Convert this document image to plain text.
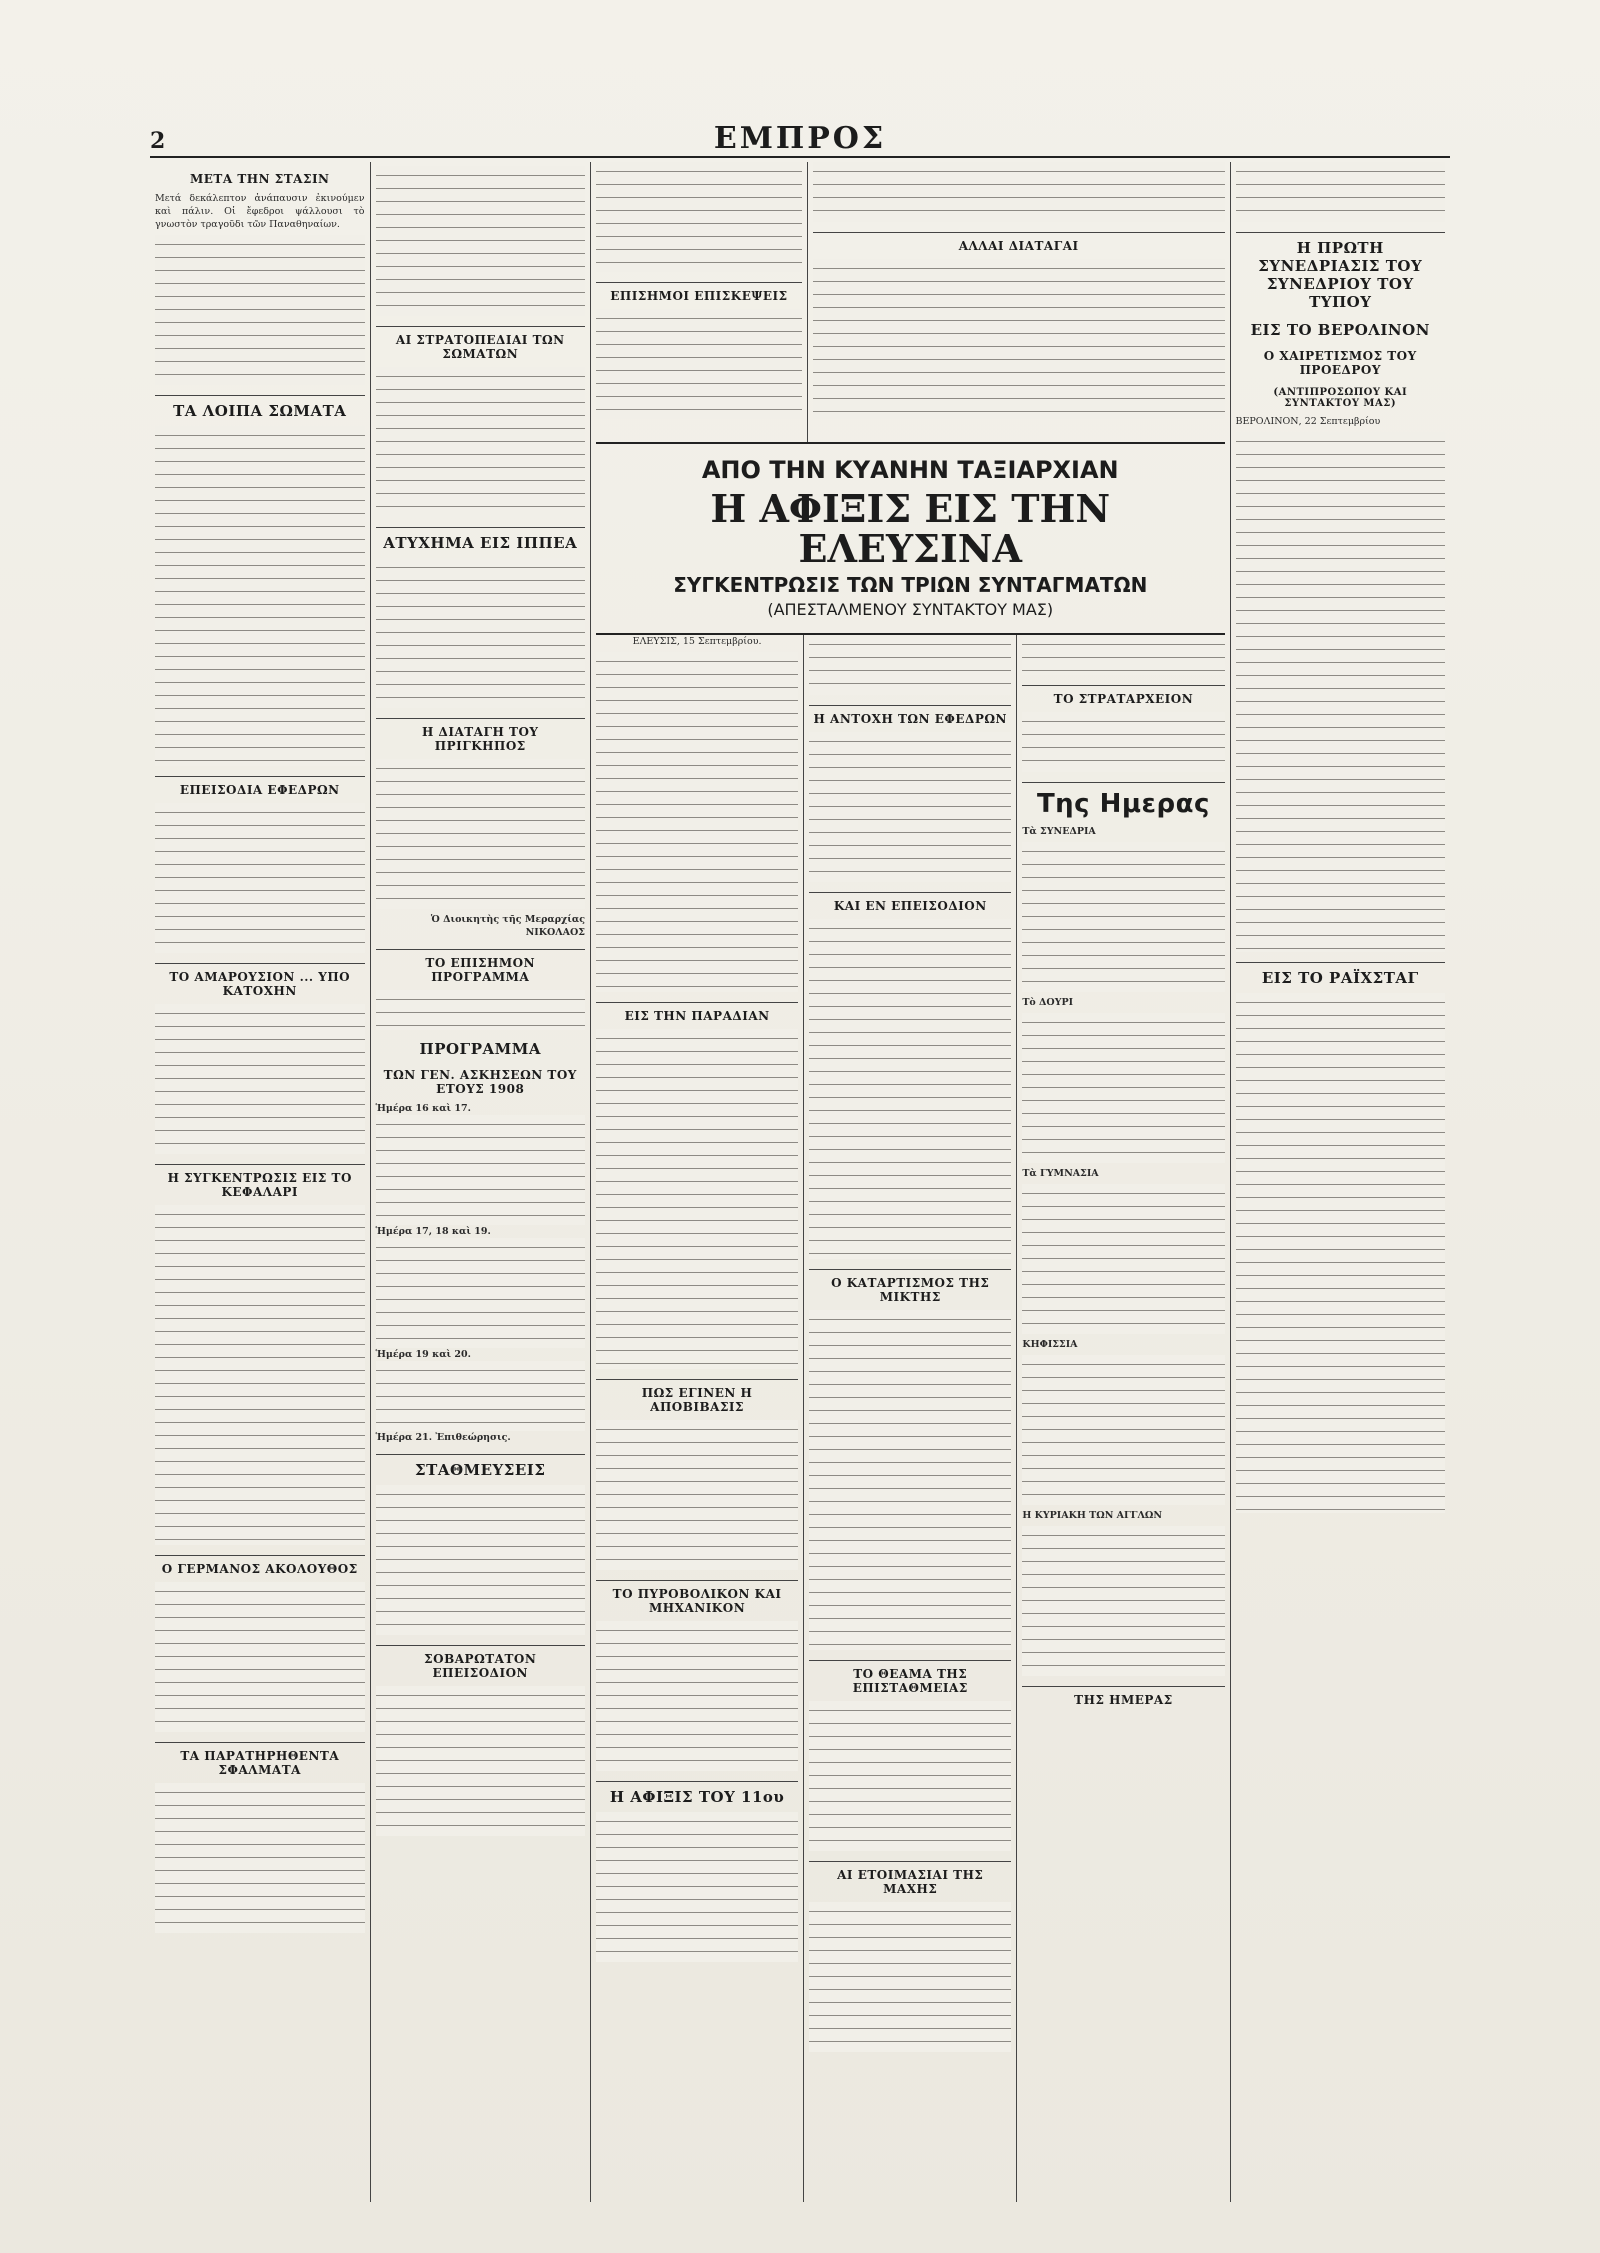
2	ΕΜΠΡΟΣ
ΜΕΤΑ ΤΗΝ ΣΤΑΣΙΝ
Μετά δεκάλεπτον ἀνάπαυσιν ἐκινούμεν καὶ πάλιν. Οἱ ἔφεδροι ψάλλουσι τὸ γνωστὸν τραγοῦδι τῶν Παναθηναίων.
ΤΑ ΛΟΙΠΑ ΣΩΜΑΤΑ
ΕΠΕΙΣΟΔΙΑ ΕΦΕΔΡΩΝ
ΤΟ ΑΜΑΡΟΥΣΙΟΝ ... ΥΠΟ ΚΑΤΟΧΗΝ
Η ΣΥΓΚΕΝΤΡΩΣΙΣ ΕΙΣ ΤΟ ΚΕΦΑΛΑΡΙ
Ο ΓΕΡΜΑΝΟΣ ΑΚΟΛΟΥΘΟΣ
ΤΑ ΠΑΡΑΤΗΡΗΘΕΝΤΑ ΣΦΑΛΜΑΤΑ
ΑΙ ΣΤΡΑΤΟΠΕΔΙΑΙ ΤΩΝ ΣΩΜΑΤΩΝ
ΑΤΥΧΗΜΑ ΕΙΣ ΙΠΠΕΑ
Η ΔΙΑΤΑΓΗ ΤΟΥ ΠΡΙΓΚΗΠΟΣ
Ὁ Διοικητὴς τῆς Μεραρχίας ΝΙΚΟΛΑΟΣ
ΤΟ ΕΠΙΣΗΜΟΝ ΠΡΟΓΡΑΜΜΑ
ΠΡΟΓΡΑΜΜΑ
ΤΩΝ ΓΕΝ. ΑΣΚΗΣΕΩΝ ΤΟΥ ΕΤΟΥΣ 1908
Ἡμέρα 16 καὶ 17.
Ἡμέρα 17, 18 καὶ 19.
Ἡμέρα 19 καὶ 20.
Ἡμέρα 21. Ἐπιθεώρησις.
ΣΤΑΘΜΕΥΣΕΙΣ
ΣΟΒΑΡΩΤΑΤΟΝ ΕΠΕΙΣΟΔΙΟΝ
ΕΠΙΣΗΜΟΙ ΕΠΙΣΚΕΨΕΙΣ
ΑΛΛΑΙ ΔΙΑΤΑΓΑΙ
ΑΠΟ ΤΗΝ ΚΥΑΝΗΝ ΤΑΞΙΑΡΧΙΑΝ
Η ΑΦΙΞΙΣ ΕΙΣ ΤΗΝ ΕΛΕΥΣΙΝΑ
ΣΥΓΚΕΝΤΡΩΣΙΣ ΤΩΝ ΤΡΙΩΝ ΣΥΝΤΑΓΜΑΤΩΝ
(ΑΠΕΣΤΑΛΜΕΝΟΥ ΣΥΝΤΑΚΤΟΥ ΜΑΣ)
ΕΛΕΥΣΙΣ, 15 Σεπτεμβρίου.
ΕΙΣ ΤΗΝ ΠΑΡΑΔΙΑΝ
ΠΩΣ ΕΓΙΝΕΝ Η ΑΠΟΒΙΒΑΣΙΣ
ΤΟ ΠΥΡΟΒΟΛΙΚΟΝ ΚΑΙ ΜΗΧΑΝΙΚΟΝ
Η ΑΦΙΞΙΣ ΤΟΥ 11ου
Η ΑΝΤΟΧΗ ΤΩΝ ΕΦΕΔΡΩΝ
ΚΑΙ ΕΝ ΕΠΕΙΣΟΔΙΟΝ
Ο ΚΑΤΑΡΤΙΣΜΟΣ ΤΗΣ ΜΙΚΤΗΣ
ΤΟ ΘΕΑΜΑ ΤΗΣ ΕΠΙΣΤΑΘΜΕΙΑΣ
ΑΙ ΕΤΟΙΜΑΣΙΑΙ ΤΗΣ ΜΑΧΗΣ
ΤΟ ΣΤΡΑΤΑΡΧΕΙΟΝ
Της Ημερας
Τὰ ΣΥΝΕΔΡΙΑ
Τὸ ΔΟΥΡΙ
Τὰ ΓΥΜΝΑΣΙΑ
ΚΗΦΙΣΣΙΑ
Η ΚΥΡΙΑΚΗ ΤΩΝ ΑΓΓΛΩΝ
ΤΗΣ ΗΜΕΡΑΣ
Η ΠΡΩΤΗ ΣΥΝΕΔΡΙΑΣΙΣ ΤΟΥ ΣΥΝΕΔΡΙΟΥ ΤΟΥ ΤΥΠΟΥ
ΕΙΣ ΤΟ ΒΕΡΟΛΙΝΟΝ
Ο ΧΑΙΡΕΤΙΣΜΟΣ ΤΟΥ ΠΡΟΕΔΡΟΥ
(ΑΝΤΙΠΡΟΣΩΠΟΥ ΚΑΙ ΣΥΝΤΑΚΤΟΥ ΜΑΣ)
ΒΕΡΟΛΙΝΟΝ, 22 Σεπτεμβρίου
ΕΙΣ ΤΟ ΡΑΪΧΣΤΑΓ
